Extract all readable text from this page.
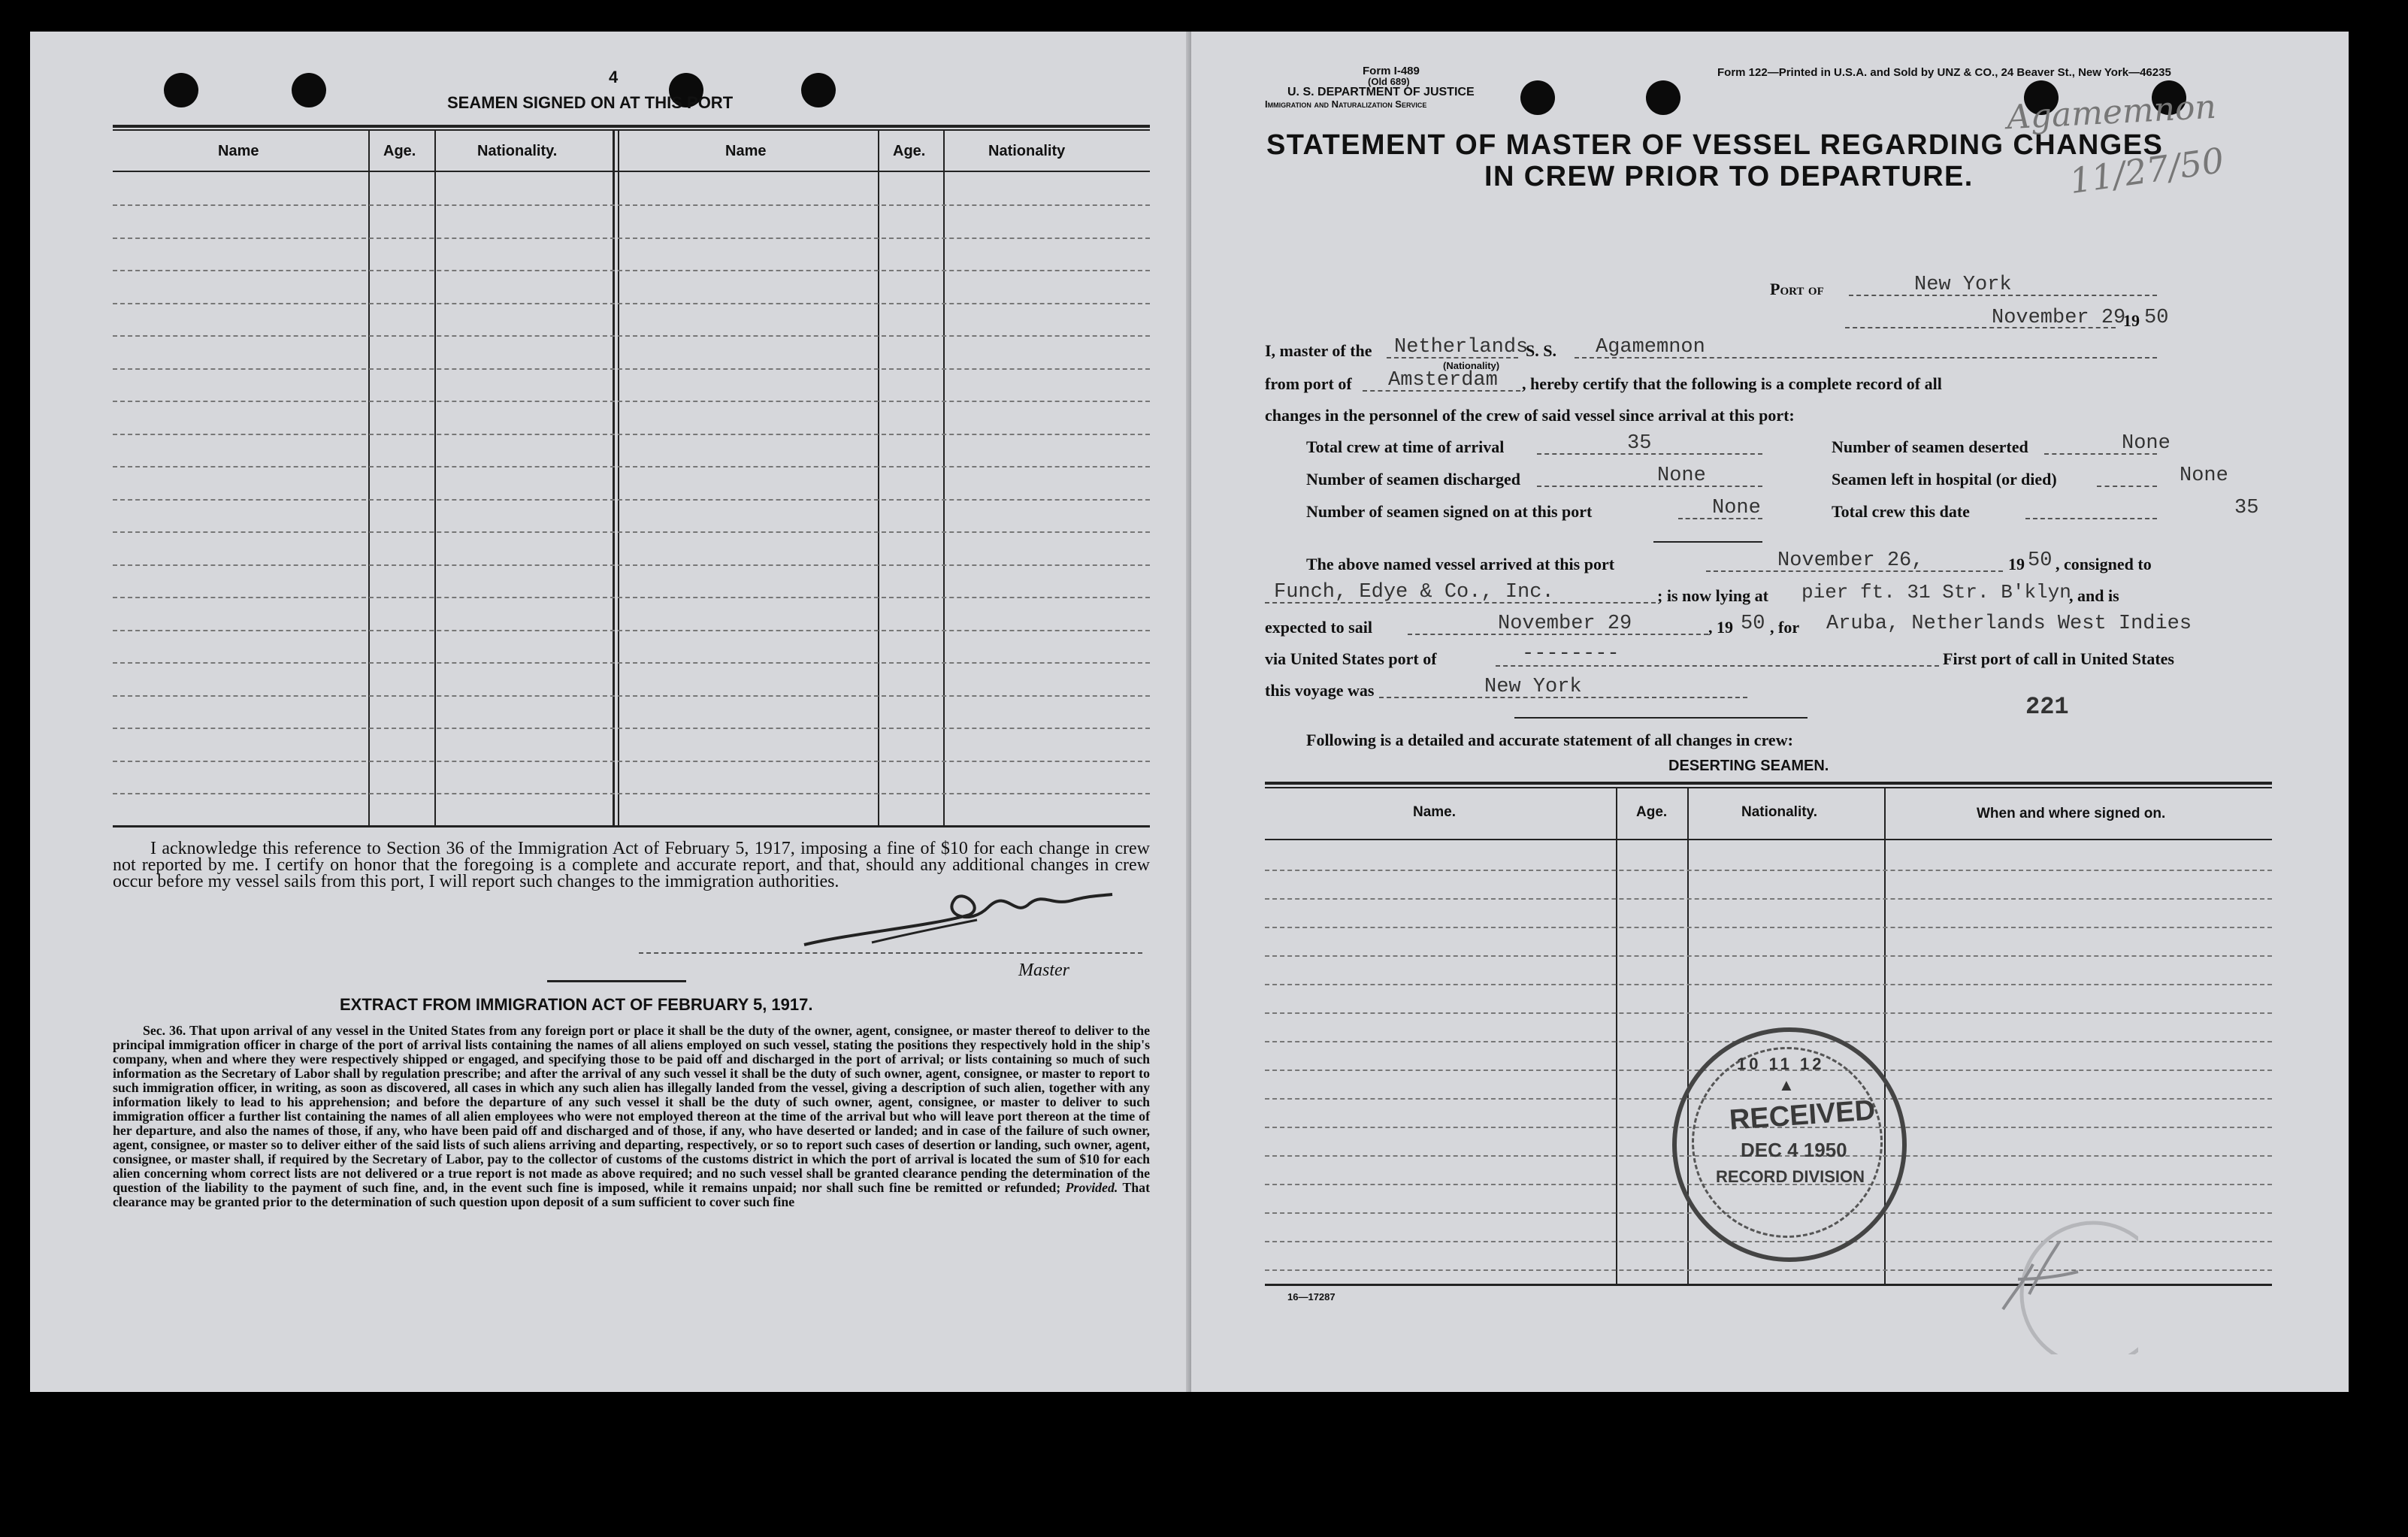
4
SEAMEN SIGNED ON AT THIS PORT
Name	Age.	Nationality.	Name	Age.	Nationality
I acknowledge this reference to Section 36 of the Immigration Act of February 5, 1917, imposing a fine of $10 for each change in crew not reported by me. I certify on honor that the foregoing is a complete and accurate report, and that, should any additional changes in crew occur before my vessel sails from this port, I will report such changes to the immigration authorities.
Master
EXTRACT FROM IMMIGRATION ACT OF FEBRUARY 5, 1917.
Sec. 36. That upon arrival of any vessel in the United States from any foreign port or place it shall be the duty of the owner, agent, consignee, or master thereof to deliver to the principal immigration officer in charge of the port of arrival lists containing the names of all aliens employed on such vessel, stating the positions they respectively hold in the ship's company, when and where they were respectively shipped or engaged, and specifying those to be paid off and discharged in the port of arrival; or lists containing so much of such information as the Secretary of Labor shall by regulation prescribe; and after the arrival of any such vessel it shall be the duty of such owner, agent, consignee, or master to report to such immigration officer, in writing, as soon as discovered, all cases in which any such alien has illegally landed from the vessel, giving a description of such alien, together with any information likely to lead to his apprehension; and before the departure of any such vessel it shall be the duty of such owner, agent, consignee, or master to deliver to such immigration officer a further list containing the names of all alien employees who were not employed thereon at the time of the arrival but who will leave port thereon at the time of her departure, and also the names of those, if any, who have been paid off and discharged and of those, if any, who have deserted or landed; and in case of the failure of such owner, agent, consignee, or master so to deliver either of the said lists of such aliens arriving and departing, respectively, or so to report such cases of desertion or landing, such owner, agent, consignee, or master shall, if required by the Secretary of Labor, pay to the collector of customs of the customs district in which the port of arrival is located the sum of $10 for each alien concerning whom correct lists are not delivered or a true report is not made as above required; and no such vessel shall be granted clearance pending the determination of the question of the liability to the payment of such fine, and, in the event such fine is imposed, while it remains unpaid; nor shall such fine be remitted or refunded; Provided. That clearance may be granted prior to the determination of such question upon deposit of a sum sufficient to cover such fine
Form I-489
(Old 689)
U. S. DEPARTMENT OF JUSTICE
Immigration and Naturalization Service
Form 122—Printed in U.S.A. and Sold by UNZ & CO., 24 Beaver St., New York—46235
Agamemnon
11/27/50
STATEMENT OF MASTER OF VESSEL REGARDING CHANGES
IN CREW PRIOR TO DEPARTURE.
Port of	New York
November 29
19 50
I, master of the Netherlands
(Nationality)
S. S. Agamemnon
from port of Amsterdam , hereby certify that the following is a complete record of all
changes in the personnel of the crew of said vessel since arrival at this port:
Total crew at time of arrival	35	Number of seamen deserted	None
Number of seamen discharged	None	Seamen left in hospital (or died)	None
Number of seamen signed on at this port	None	Total crew this date	35
The above named vessel arrived at this port	November 26,	19 50 , consigned to
Funch, Edye & Co., Inc.	; is now lying at pier ft. 31 Str. B'klyn
, and is
expected to sail	November 29	, 19 50 , for Aruba, Netherlands West Indies
via United States port of	--------	First port of call in United States
this voyage was	New York
221
Following is a detailed and accurate statement of all changes in crew:
DESERTING SEAMEN.
Name.	Age.	Nationality.	When and where signed on.
10 11 12
▲
RECEIVED
DEC 4 1950
RECORD DIVISION
16—17287
